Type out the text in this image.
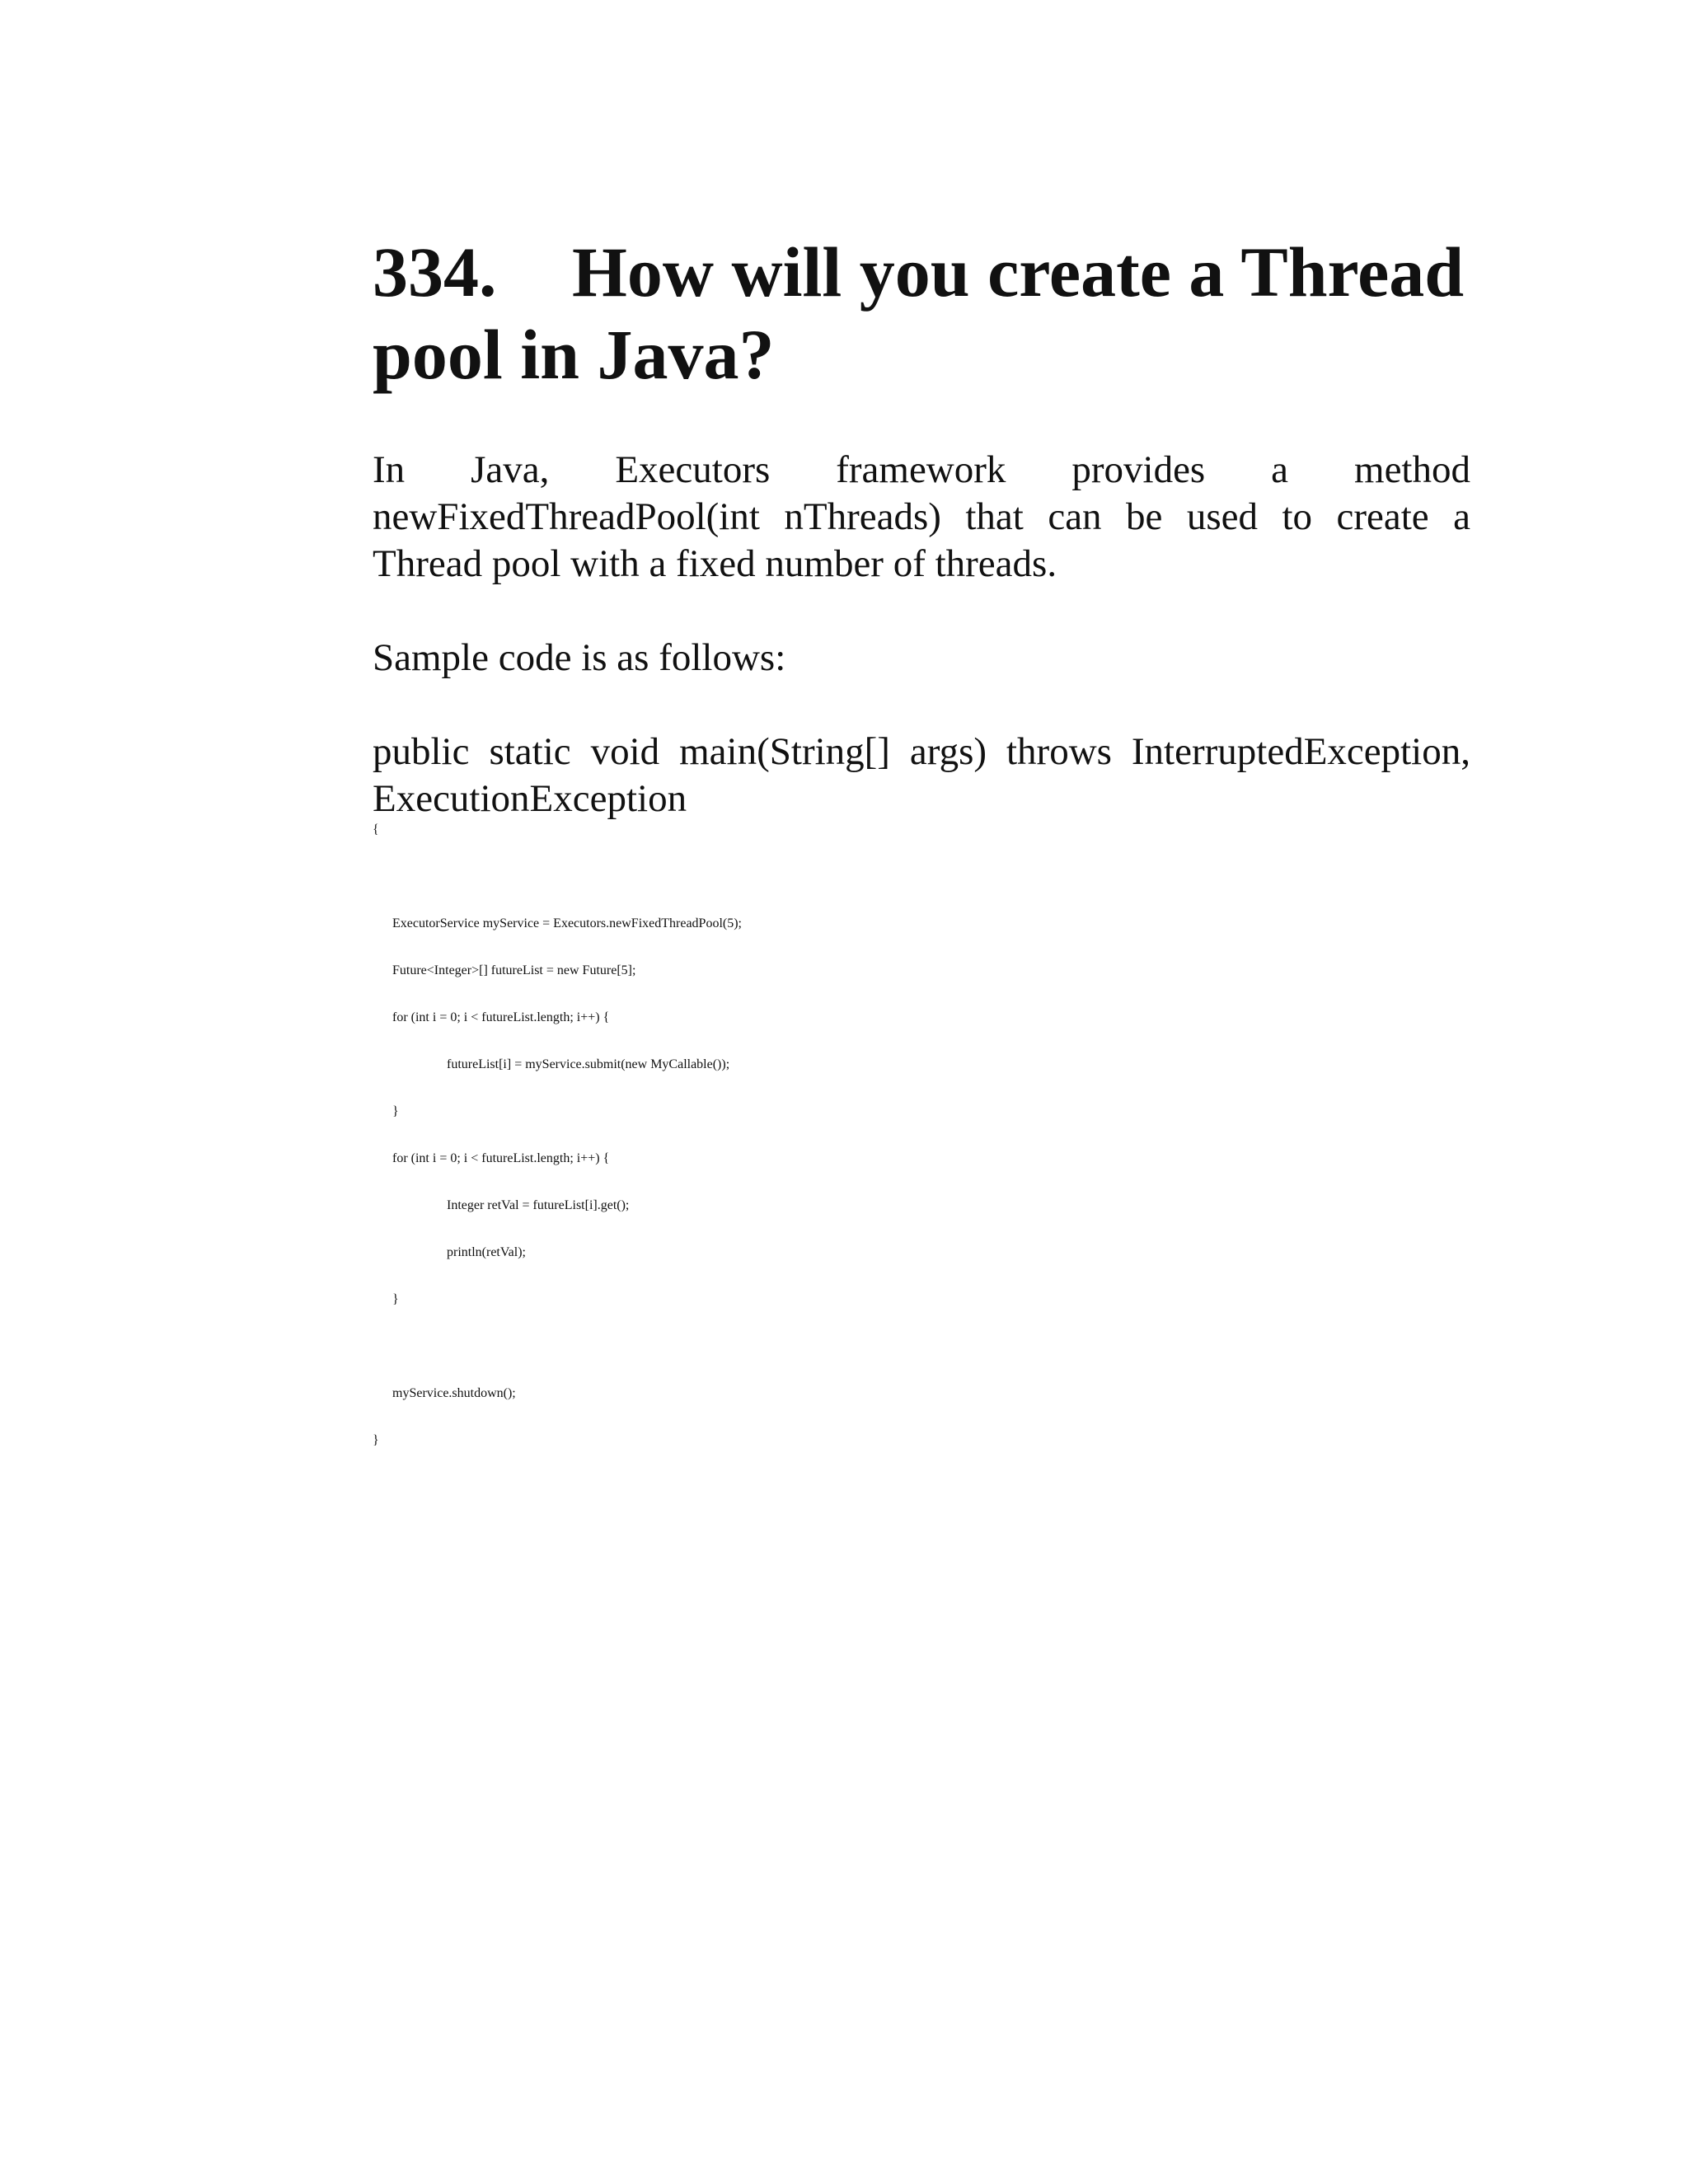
334. How will you create a Thread
pool in Java?

In Java, Executors framework provides a method

newFixedThreadPool(int nThreads) that can be used to create a

Thread pool with a fixed number of threads.

Sample code is as follows:

public static void main(String[] args) throws InterruptedException,

ExecutionException

{
ExecutorService myService = Executors.newFixedThreadPool(5);
Future<Integer>[] futureList = new Future[5];
for (int i = 0; i < futureList.length; i++) {
futureList[i] = myService.submit(new MyCallable());
}
for (int i = 0; i < futureList.length; i++) {
Integer retVal = futureList[i].get();
println(retVal);
}
myService.shutdown();
}
